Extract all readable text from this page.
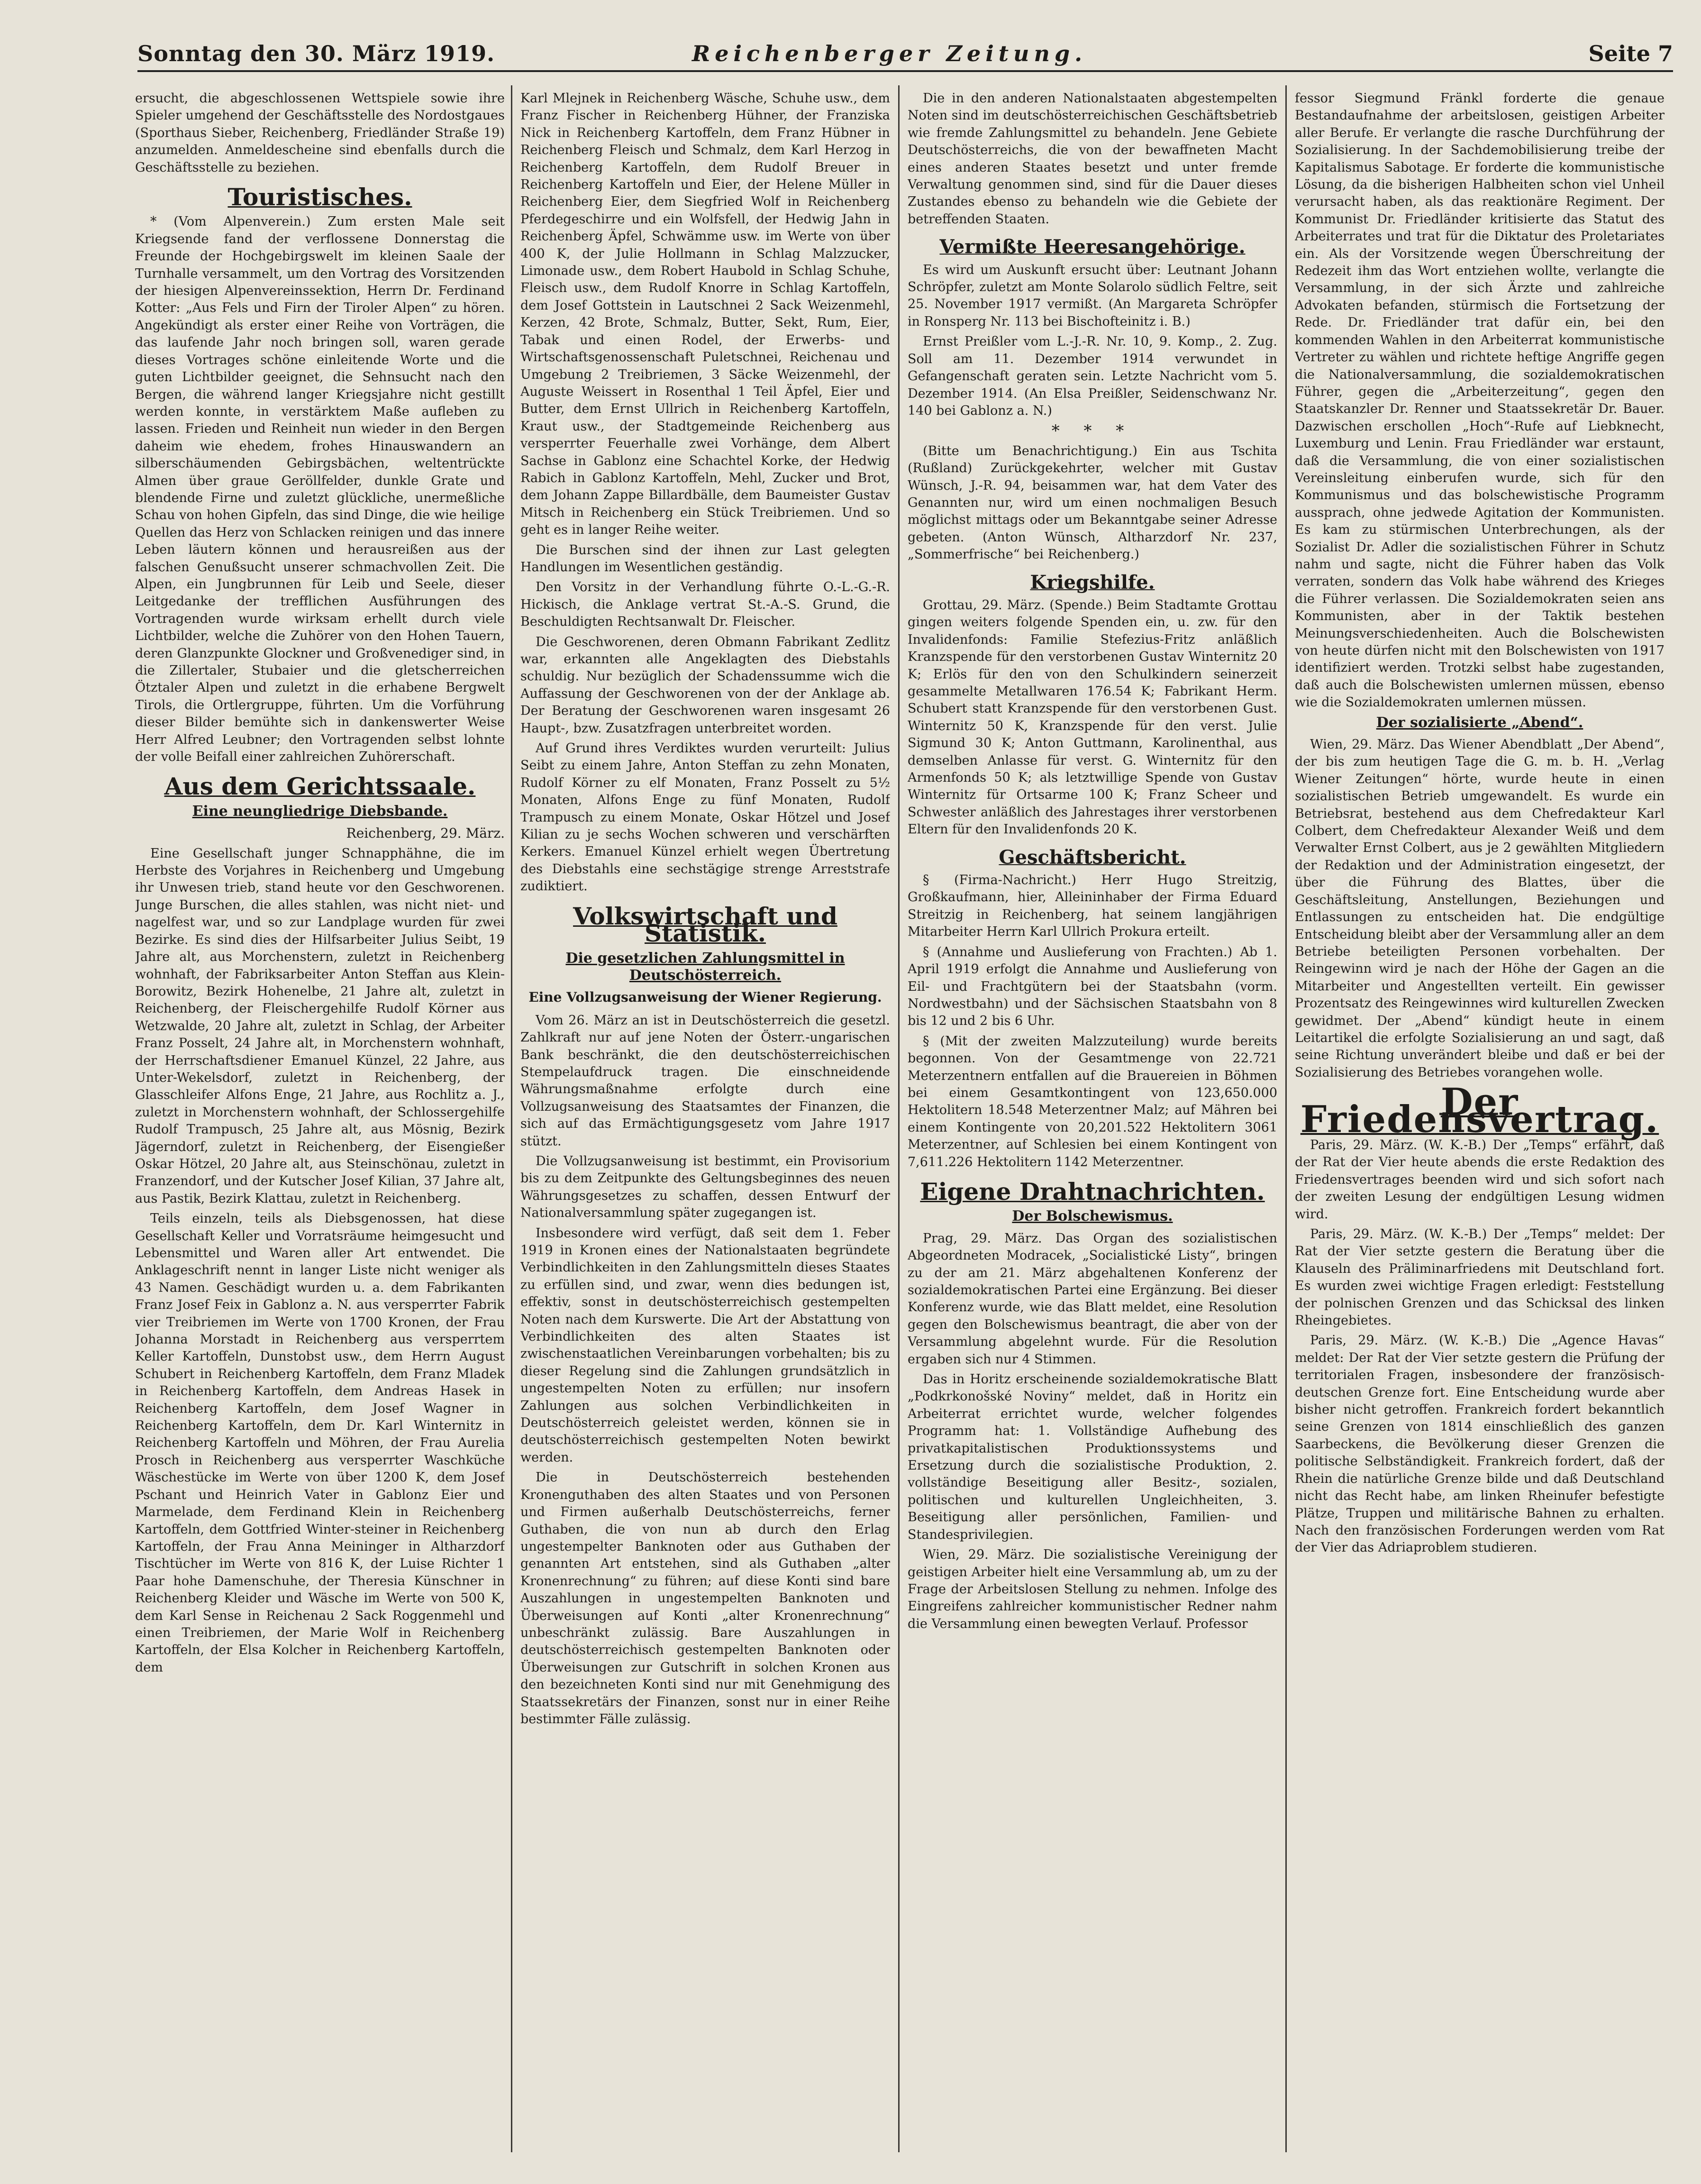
Sonntag den 30. März 1919.	Reichenberger Zeitung.	Seite 7

ersucht, die abgeschlossenen Wettspiele sowie ihre Spieler umgehend der Geschäftsstelle des Nordostgaues (Sporthaus Sieber, Reichenberg, Friedländer Straße 19) anzumelden. Anmeldescheine sind ebenfalls durch die Geschäftsstelle zu beziehen.

Touristisches.

* (Vom Alpenverein.) Zum ersten Male seit Kriegsende fand der verflossene Donnerstag die Freunde der Hochgebirgswelt im kleinen Saale der Turnhalle versammelt, um den Vortrag des Vorsitzenden der hiesigen Alpenvereinssektion, Herrn Dr. Ferdinand Kotter: „Aus Fels und Firn der Tiroler Alpen“ zu hören. Angekündigt als erster einer Reihe von Vorträgen, die das laufende Jahr noch bringen soll, waren gerade dieses Vortrages schöne einleitende Worte und die guten Lichtbilder geeignet, die Sehnsucht nach den Bergen, die während langer Kriegsjahre nicht gestillt werden konnte, in verstärktem Maße aufleben zu lassen. Frieden und Reinheit nun wieder in den Bergen daheim wie ehedem, frohes Hinauswandern an silberschäumenden Gebirgsbächen, weltentrückte Almen über graue Geröllfelder, dunkle Grate und blendende Firne und zuletzt glückliche, unermeßliche Schau von hohen Gipfeln, das sind Dinge, die wie heilige Quellen das Herz von Schlacken reinigen und das innere Leben läutern können und herausreißen aus der falschen Genußsucht unserer schmachvollen Zeit. Die Alpen, ein Jungbrunnen für Leib und Seele, dieser Leitgedanke der trefflichen Ausführungen des Vortragenden wurde wirksam erhellt durch viele Lichtbilder, welche die Zuhörer von den Hohen Tauern, deren Glanzpunkte Glockner und Großvenediger sind, in die Zillertaler, Stubaier und die gletscherreichen Ötztaler Alpen und zuletzt in die erhabene Bergwelt Tirols, die Ortlergruppe, führten. Um die Vorführung dieser Bilder bemühte sich in dankenswerter Weise Herr Alfred Leubner; den Vortragenden selbst lohnte der volle Beifall einer zahlreichen Zuhörerschaft.

Aus dem Gerichtssaale.
Eine neungliedrige Diebsbande.
Reichenberg, 29. März.

Eine Gesellschaft junger Schnapphähne, die im Herbste des Vorjahres in Reichenberg und Umgebung ihr Unwesen trieb, stand heute vor den Geschworenen. Junge Burschen, die alles stahlen, was nicht niet- und nagelfest war, und so zur Landplage wurden für zwei Bezirke. Es sind dies der Hilfsarbeiter Julius Seibt, 19 Jahre alt, aus Morchenstern, zuletzt in Reichenberg wohnhaft, der Fabriksarbeiter Anton Steffan aus Klein-Borowitz, Bezirk Hohenelbe, 21 Jahre alt, zuletzt in Reichenberg, der Fleischergehilfe Rudolf Körner aus Wetzwalde, 20 Jahre alt, zuletzt in Schlag, der Arbeiter Franz Posselt, 24 Jahre alt, in Morchenstern wohnhaft, der Herrschaftsdiener Emanuel Künzel, 22 Jahre, aus Unter-Wekelsdorf, zuletzt in Reichenberg, der Glasschleifer Alfons Enge, 21 Jahre, aus Rochlitz a. J., zuletzt in Morchenstern wohnhaft, der Schlossergehilfe Rudolf Trampusch, 25 Jahre alt, aus Mösnig, Bezirk Jägerndorf, zuletzt in Reichenberg, der Eisengießer Oskar Hötzel, 20 Jahre alt, aus Steinschönau, zuletzt in Franzendorf, und der Kutscher Josef Kilian, 37 Jahre alt, aus Pastik, Bezirk Klattau, zuletzt in Reichenberg.

Teils einzeln, teils als Diebsgenossen, hat diese Gesellschaft Keller und Vorratsräume heimgesucht und Lebensmittel und Waren aller Art entwendet. Die Anklageschrift nennt in langer Liste nicht weniger als 43 Namen. Geschädigt wurden u. a. dem Fabrikanten Franz Josef Feix in Gablonz a. N. aus versperrter Fabrik vier Treibriemen im Werte von 1700 Kronen, der Frau Johanna Morstadt in Reichenberg aus versperrtem Keller Kartoffeln, Dunstobst usw., dem Herrn August Schubert in Reichenberg Kartoffeln, dem Franz Mladek in Reichenberg Kartoffeln, dem Andreas Hasek in Reichenberg Kartoffeln, dem Josef Wagner in Reichenberg Kartoffeln, dem Dr. Karl Winternitz in Reichenberg Kartoffeln und Möhren, der Frau Aurelia Prosch in Reichenberg aus versperrter Waschküche Wäschestücke im Werte von über 1200 K, dem Josef Pschant und Heinrich Vater in Gablonz Eier und Marmelade, dem Ferdinand Klein in Reichenberg Kartoffeln, dem Gottfried Winter-steiner in Reichenberg Kartoffeln, der Frau Anna Meininger in Altharzdorf Tischtücher im Werte von 816 K, der Luise Richter 1 Paar hohe Damenschuhe, der Theresia Künschner in Reichenberg Kleider und Wäsche im Werte von 500 K, dem Karl Sense in Reichenau 2 Sack Roggenmehl und einen Treibriemen, der Marie Wolf in Reichenberg Kartoffeln, der Elsa Kolcher in Reichenberg Kartoffeln, dem

Karl Mlejnek in Reichenberg Wäsche, Schuhe usw., dem Franz Fischer in Reichenberg Hühner, der Franziska Nick in Reichenberg Kartoffeln, dem Franz Hübner in Reichenberg Fleisch und Schmalz, dem Karl Herzog in Reichenberg Kartoffeln, dem Rudolf Breuer in Reichenberg Kartoffeln und Eier, der Helene Müller in Reichenberg Eier, dem Siegfried Wolf in Reichenberg Pferdegeschirre und ein Wolfsfell, der Hedwig Jahn in Reichenberg Äpfel, Schwämme usw. im Werte von über 400 K, der Julie Hollmann in Schlag Malzzucker, Limonade usw., dem Robert Haubold in Schlag Schuhe, Fleisch usw., dem Rudolf Knorre in Schlag Kartoffeln, dem Josef Gottstein in Lautschnei 2 Sack Weizenmehl, Kerzen, 42 Brote, Schmalz, Butter, Sekt, Rum, Eier, Tabak und einen Rodel, der Erwerbs- und Wirtschaftsgenossenschaft Puletschnei, Reichenau und Umgebung 2 Treibriemen, 3 Säcke Weizenmehl, der Auguste Weissert in Rosenthal 1 Teil Äpfel, Eier und Butter, dem Ernst Ullrich in Reichenberg Kartoffeln, Kraut usw., der Stadtgemeinde Reichenberg aus versperrter Feuerhalle zwei Vorhänge, dem Albert Sachse in Gablonz eine Schachtel Korke, der Hedwig Rabich in Gablonz Kartoffeln, Mehl, Zucker und Brot, dem Johann Zappe Billardbälle, dem Baumeister Gustav Mitsch in Reichenberg ein Stück Treibriemen. Und so geht es in langer Reihe weiter.

Die Burschen sind der ihnen zur Last gelegten Handlungen im Wesentlichen geständig.

Den Vorsitz in der Verhandlung führte O.-L.-G.-R. Hickisch, die Anklage vertrat St.-A.-S. Grund, die Beschuldigten Rechtsanwalt Dr. Fleischer.

Die Geschworenen, deren Obmann Fabrikant Zedlitz war, erkannten alle Angeklagten des Diebstahls schuldig. Nur bezüglich der Schadenssumme wich die Auffassung der Geschworenen von der der Anklage ab. Der Beratung der Geschworenen waren insgesamt 26 Haupt-, bzw. Zusatzfragen unterbreitet worden.

Auf Grund ihres Verdiktes wurden verurteilt: Julius Seibt zu einem Jahre, Anton Steffan zu zehn Monaten, Rudolf Körner zu elf Monaten, Franz Posselt zu 5½ Monaten, Alfons Enge zu fünf Monaten, Rudolf Trampusch zu einem Monate, Oskar Hötzel und Josef Kilian zu je sechs Wochen schweren und verschärften Kerkers. Emanuel Künzel erhielt wegen Übertretung des Diebstahls eine sechstägige strenge Arreststrafe zudiktiert.

Volkswirtschaft und Statistik.
Die gesetzlichen Zahlungsmittel in Deutschösterreich.
Eine Vollzugsanweisung der Wiener Regierung.

Vom 26. März an ist in Deutschösterreich die gesetzl. Zahlkraft nur auf jene Noten der Österr.-ungarischen Bank beschränkt, die den deutschösterreichischen Stempelaufdruck tragen. Die einschneidende Währungsmaßnahme erfolgte durch eine Vollzugsanweisung des Staatsamtes der Finanzen, die sich auf das Ermächtigungsgesetz vom Jahre 1917 stützt.

Die Vollzugsanweisung ist bestimmt, ein Provisorium bis zu dem Zeitpunkte des Geltungsbeginnes des neuen Währungsgesetzes zu schaffen, dessen Entwurf der Nationalversammlung später zugegangen ist.

Insbesondere wird verfügt, daß seit dem 1. Feber 1919 in Kronen eines der Nationalstaaten begründete Verbindlichkeiten in den Zahlungsmitteln dieses Staates zu erfüllen sind, und zwar, wenn dies bedungen ist, effektiv, sonst in deutschösterreichisch gestempelten Noten nach dem Kurswerte. Die Art der Abstattung von Verbindlichkeiten des alten Staates ist zwischenstaatlichen Vereinbarungen vorbehalten; bis zu dieser Regelung sind die Zahlungen grundsätzlich in ungestempelten Noten zu erfüllen; nur insofern Zahlungen aus solchen Verbindlichkeiten in Deutschösterreich geleistet werden, können sie in deutschösterreichisch gestempelten Noten bewirkt werden.

Die in Deutschösterreich bestehenden Kronenguthaben des alten Staates und von Personen und Firmen außerhalb Deutschösterreichs, ferner Guthaben, die von nun ab durch den Erlag ungestempelter Banknoten oder aus Guthaben der genannten Art entstehen, sind als Guthaben „alter Kronenrechnung“ zu führen; auf diese Konti sind bare Auszahlungen in ungestempelten Banknoten und Überweisungen auf Konti „alter Kronenrechnung“ unbeschränkt zulässig. Bare Auszahlungen in deutschösterreichisch gestempelten Banknoten oder Überweisungen zur Gutschrift in solchen Kronen aus den bezeichneten Konti sind nur mit Genehmigung des Staatssekretärs der Finanzen, sonst nur in einer Reihe bestimmter Fälle zulässig.

Die in den anderen Nationalstaaten abgestempelten Noten sind im deutschösterreichischen Geschäftsbetrieb wie fremde Zahlungsmittel zu behandeln. Jene Gebiete Deutschösterreichs, die von der bewaffneten Macht eines anderen Staates besetzt und unter fremde Verwaltung genommen sind, sind für die Dauer dieses Zustandes ebenso zu behandeln wie die Gebiete der betreffenden Staaten.

Vermißte Heeresangehörige.

Es wird um Auskunft ersucht über: Leutnant Johann Schröpfer, zuletzt am Monte Solarolo südlich Feltre, seit 25. November 1917 vermißt. (An Margareta Schröpfer in Ronsperg Nr. 113 bei Bischofteinitz i. B.)

Ernst Preißler vom L.-J.-R. Nr. 10, 9. Komp., 2. Zug. Soll am 11. Dezember 1914 verwundet in Gefangenschaft geraten sein. Letzte Nachricht vom 5. Dezember 1914. (An Elsa Preißler, Seidenschwanz Nr. 140 bei Gablonz a. N.)

* * *

(Bitte um Benachrichtigung.) Ein aus Tschita (Rußland) Zurückgekehrter, welcher mit Gustav Wünsch, J.-R. 94, beisammen war, hat dem Vater des Genannten nur, wird um einen nochmaligen Besuch möglichst mittags oder um Bekanntgabe seiner Adresse gebeten. (Anton Wünsch, Altharzdorf Nr. 237, „Sommerfrische“ bei Reichenberg.)

Kriegshilfe.

Grottau, 29. März. (Spende.) Beim Stadtamte Grottau gingen weiters folgende Spenden ein, u. zw. für den Invalidenfonds: Familie Stefezius-Fritz anläßlich Kranzspende für den verstorbenen Gustav Winternitz 20 K; Erlös für den von den Schulkindern seinerzeit gesammelte Metallwaren 176.54 K; Fabrikant Herm. Schubert statt Kranzspende für den verstorbenen Gust. Winternitz 50 K, Kranzspende für den verst. Julie Sigmund 30 K; Anton Guttmann, Karolinenthal, aus demselben Anlasse für verst. G. Winternitz für den Armenfonds 50 K; als letztwillige Spende von Gustav Winternitz für Ortsarme 100 K; Franz Scheer und Schwester anläßlich des Jahrestages ihrer verstorbenen Eltern für den Invalidenfonds 20 K.

Geschäftsbericht.

§ (Firma-Nachricht.) Herr Hugo Streitzig, Großkaufmann, hier, Alleininhaber der Firma Eduard Streitzig in Reichenberg, hat seinem langjährigen Mitarbeiter Herrn Karl Ullrich Prokura erteilt.

§ (Annahme und Auslieferung von Frachten.) Ab 1. April 1919 erfolgt die Annahme und Auslieferung von Eil- und Frachtgütern bei der Staatsbahn (vorm. Nordwestbahn) und der Sächsischen Staatsbahn von 8 bis 12 und 2 bis 6 Uhr.

§ (Mit der zweiten Malzzuteilung) wurde bereits begonnen. Von der Gesamtmenge von 22.721 Meterzentnern entfallen auf die Brauereien in Böhmen bei einem Gesamtkontingent von 123,650.000 Hektolitern 18.548 Meterzentner Malz; auf Mähren bei einem Kontingente von 20,201.522 Hektolitern 3061 Meterzentner, auf Schlesien bei einem Kontingent von 7,611.226 Hektolitern 1142 Meterzentner.

Eigene Drahtnachrichten.
Der Bolschewismus.

Prag, 29. März. Das Organ des sozialistischen Abgeordneten Modracek, „Socialistické Listy“, bringen zu der am 21. März abgehaltenen Konferenz der sozialdemokratischen Partei eine Ergänzung. Bei dieser Konferenz wurde, wie das Blatt meldet, eine Resolution gegen den Bolschewismus beantragt, die aber von der Versammlung abgelehnt wurde. Für die Resolution ergaben sich nur 4 Stimmen.

Das in Horitz erscheinende sozialdemokratische Blatt „Podkrkonošské Noviny“ meldet, daß in Horitz ein Arbeiterrat errichtet wurde, welcher folgendes Programm hat: 1. Vollständige Aufhebung des privatkapitalistischen Produktionssystems und Ersetzung durch die sozialistische Produktion, 2. vollständige Beseitigung aller Besitz-, sozialen, politischen und kulturellen Ungleichheiten, 3. Beseitigung aller persönlichen, Familien- und Standesprivilegien.

Wien, 29. März. Die sozialistische Vereinigung der geistigen Arbeiter hielt eine Versammlung ab, um zu der Frage der Arbeitslosen Stellung zu nehmen. Infolge des Eingreifens zahlreicher kommunistischer Redner nahm die Versammlung einen bewegten Verlauf. Professor

fessor Siegmund Fränkl forderte die genaue Bestandaufnahme der arbeitslosen, geistigen Arbeiter aller Berufe. Er verlangte die rasche Durchführung der Sozialisierung. In der Sachdemobilisierung treibe der Kapitalismus Sabotage. Er forderte die kommunistische Lösung, da die bisherigen Halbheiten schon viel Unheil verursacht haben, als das reaktionäre Regiment. Der Kommunist Dr. Friedländer kritisierte das Statut des Arbeiterrates und trat für die Diktatur des Proletariates ein. Als der Vorsitzende wegen Überschreitung der Redezeit ihm das Wort entziehen wollte, verlangte die Versammlung, in der sich Ärzte und zahlreiche Advokaten befanden, stürmisch die Fortsetzung der Rede. Dr. Friedländer trat dafür ein, bei den kommenden Wahlen in den Arbeiterrat kommunistische Vertreter zu wählen und richtete heftige Angriffe gegen die Nationalversammlung, die sozialdemokratischen Führer, gegen die „Arbeiterzeitung“, gegen den Staatskanzler Dr. Renner und Staatssekretär Dr. Bauer. Dazwischen erschollen „Hoch“-Rufe auf Liebknecht, Luxemburg und Lenin. Frau Friedländer war erstaunt, daß die Versammlung, die von einer sozialistischen Vereinsleitung einberufen wurde, sich für den Kommunismus und das bolschewistische Programm aussprach, ohne jedwede Agitation der Kommunisten. Es kam zu stürmischen Unterbrechungen, als der Sozialist Dr. Adler die sozialistischen Führer in Schutz nahm und sagte, nicht die Führer haben das Volk verraten, sondern das Volk habe während des Krieges die Führer verlassen. Die Sozialdemokraten seien ans Kommunisten, aber in der Taktik bestehen Meinungsverschiedenheiten. Auch die Bolschewisten von heute dürfen nicht mit den Bolschewisten von 1917 identifiziert werden. Trotzki selbst habe zugestanden, daß auch die Bolschewisten umlernen müssen, ebenso wie die Sozialdemokraten umlernen müssen.

Der sozialisierte „Abend“.

Wien, 29. März. Das Wiener Abendblatt „Der Abend“, der bis zum heutigen Tage die G. m. b. H. „Verlag Wiener Zeitungen“ hörte, wurde heute in einen sozialistischen Betrieb umgewandelt. Es wurde ein Betriebsrat, bestehend aus dem Chefredakteur Karl Colbert, dem Chefredakteur Alexander Weiß und dem Verwalter Ernst Colbert, aus je 2 gewählten Mitgliedern der Redaktion und der Administration eingesetzt, der über die Führung des Blattes, über die Geschäftsleitung, Anstellungen, Beziehungen und Entlassungen zu entscheiden hat. Die endgültige Entscheidung bleibt aber der Versammlung aller an dem Betriebe beteiligten Personen vorbehalten. Der Reingewinn wird je nach der Höhe der Gagen an die Mitarbeiter und Angestellten verteilt. Ein gewisser Prozentsatz des Reingewinnes wird kulturellen Zwecken gewidmet. Der „Abend“ kündigt heute in einem Leitartikel die erfolgte Sozialisierung an und sagt, daß seine Richtung unverändert bleibe und daß er bei der Sozialisierung des Betriebes vorangehen wolle.

Der Friedensvertrag.

Paris, 29. März. (W. K.-B.) Der „Temps“ erfährt, daß der Rat der Vier heute abends die erste Redaktion des Friedensvertrages beenden wird und sich sofort nach der zweiten Lesung der endgültigen Lesung widmen wird.

Paris, 29. März. (W. K.-B.) Der „Temps“ meldet: Der Rat der Vier setzte gestern die Beratung über die Klauseln des Präliminarfriedens mit Deutschland fort. Es wurden zwei wichtige Fragen erledigt: Feststellung der polnischen Grenzen und das Schicksal des linken Rheingebietes.

Paris, 29. März. (W. K.-B.) Die „Agence Havas“ meldet: Der Rat der Vier setzte gestern die Prüfung der territorialen Fragen, insbesondere der französisch-deutschen Grenze fort. Eine Entscheidung wurde aber bisher nicht getroffen. Frankreich fordert bekanntlich seine Grenzen von 1814 einschließlich des ganzen Saarbeckens, die Bevölkerung dieser Grenzen die politische Selbständigkeit. Frankreich fordert, daß der Rhein die natürliche Grenze bilde und daß Deutschland nicht das Recht habe, am linken Rheinufer befestigte Plätze, Truppen und militärische Bahnen zu erhalten. Nach den französischen Forderungen werden vom Rat der Vier das Adriaproblem studieren.
